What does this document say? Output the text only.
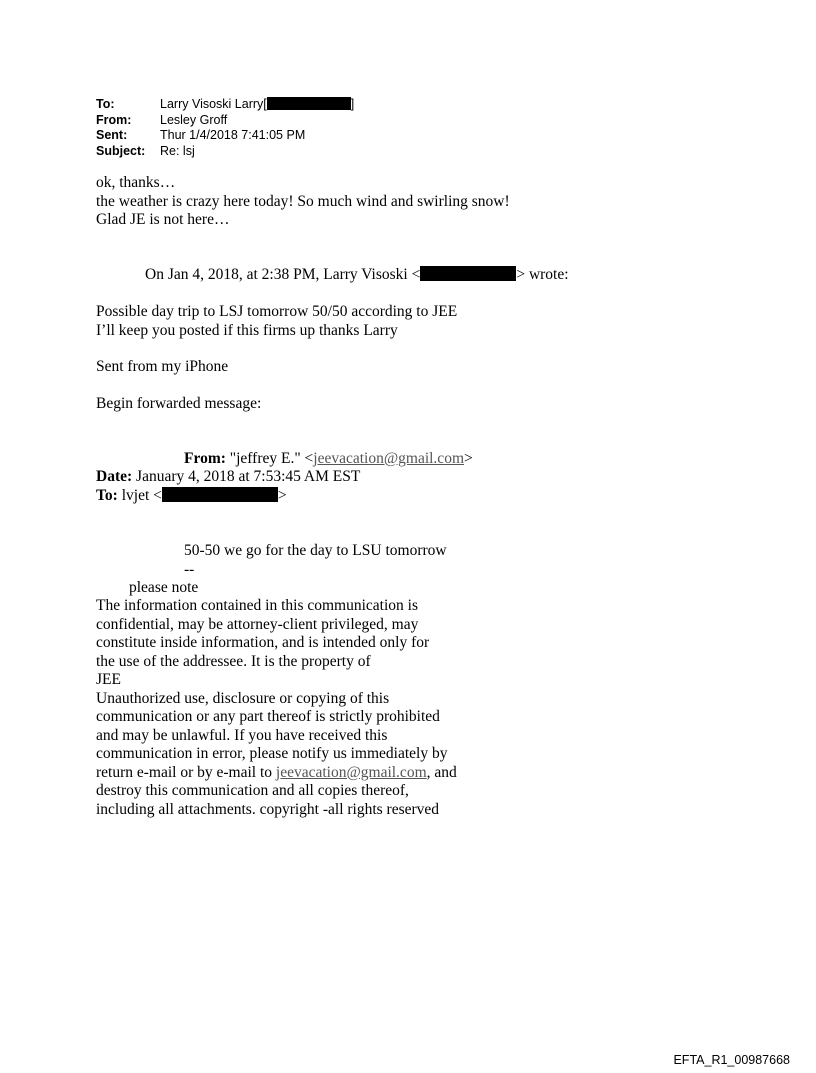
To:	Larry Visoski Larry[	]
From:	Lesley Groff
Sent:	Thur 1/4/2018 7:41:05 PM
Subject:	Re: lsj

ok, thanks…

the weather is crazy here today! So much wind and swirling snow!

Glad JE is not here…

On Jan 4, 2018, at 2:38 PM, Larry Visoski <	> wrote:

Possible day trip to LSJ tomorrow 50/50 according to JEE

I’ll keep you posted if this firms up thanks Larry

Sent from my iPhone

Begin forwarded message:

From: "jeffrey E." <jeevacation@gmail.com>
Date: January 4, 2018 at 7:53:45 AM EST
To: lvjet <	>

50-50 we go for the day to LSU tomorrow

--

please note

The information contained in this communication is

confidential, may be attorney-client privileged, may

constitute inside information, and is intended only for

the use of the addressee. It is the property of

JEE

Unauthorized use, disclosure or copying of this

communication or any part thereof is strictly prohibited

and may be unlawful. If you have received this

communication in error, please notify us immediately by

return e-mail or by e-mail to jeevacation@gmail.com, and

destroy this communication and all copies thereof,

including all attachments. copyright -all rights reserved

EFTA_R1_00987668
